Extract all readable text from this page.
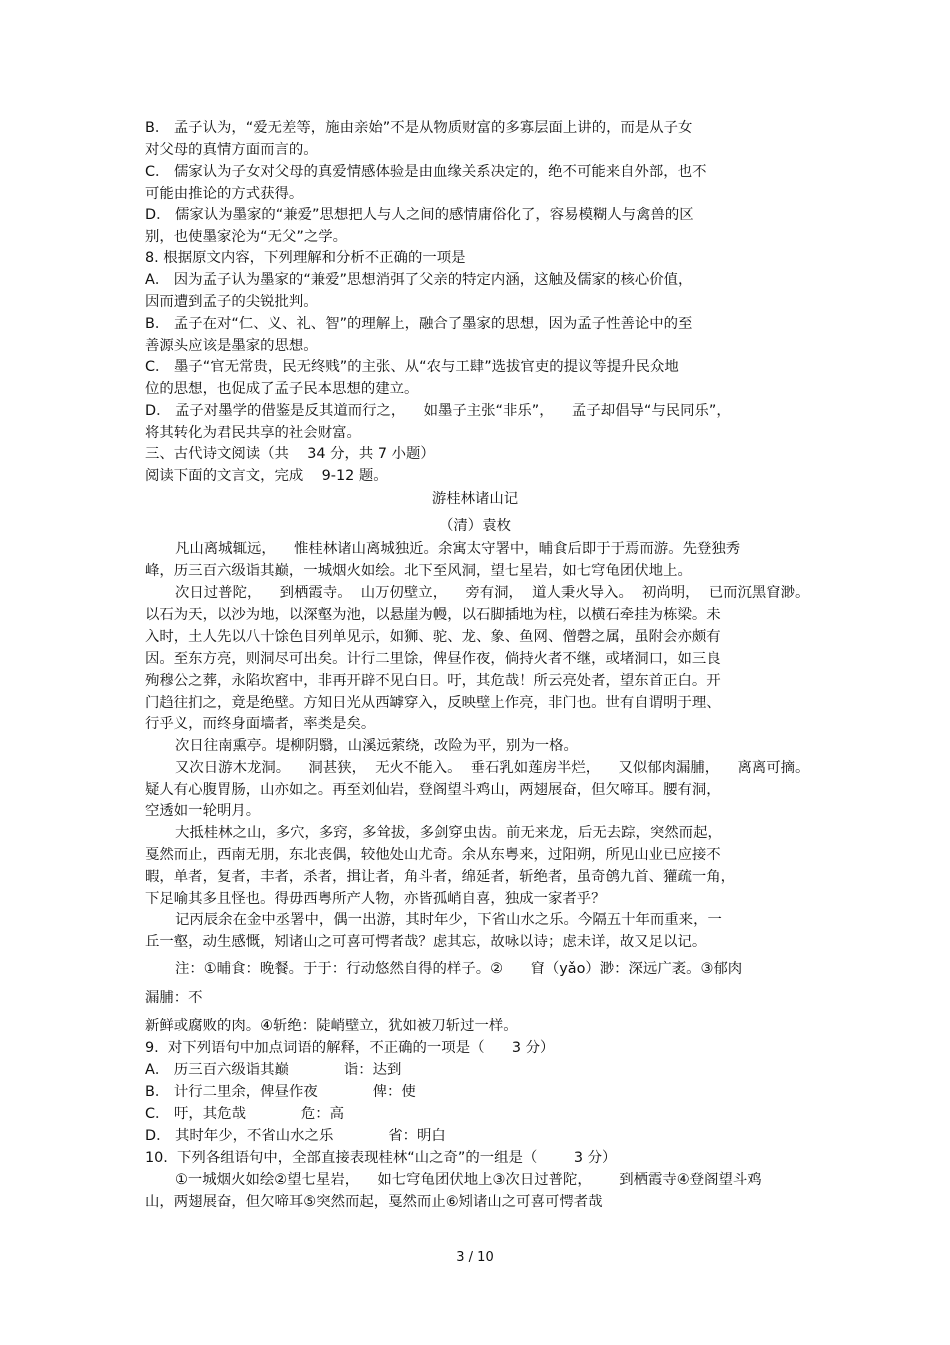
B． 孟子认为，“爱无差等，施由亲始”不是从物质财富的多寡层面上讲的，而是从子女
对父母的真情方面而言的。
C． 儒家认为子女对父母的真爱情感体验是由血缘关系决定的，绝不可能来自外部，也不
可能由推论的方式获得。
D． 儒家认为墨家的“兼爱”思想把人与人之间的感情庸俗化了，容易模糊人与禽兽的区
别，也使墨家沦为“无父”之学。
8. 根据原文内容，下列理解和分析不正确的一项是
A． 因为孟子认为墨家的“兼爱”思想消弭了父亲的特定内涵，这触及儒家的核心价值，
因而遭到孟子的尖锐批判。
B． 孟子在对“仁、义、礼、智”的理解上，融合了墨家的思想，因为孟子性善论中的至
善源头应该是墨家的思想。
C． 墨子“官无常贵，民无终贱”的主张、从“农与工肆”选拔官吏的提议等提升民众地
位的思想，也促成了孟子民本思想的建立。
D． 孟子对墨学的借鉴是反其道而行之，    如墨子主张“非乐”，    孟子却倡导“与民同乐”，
将其转化为君民共享的社会财富。
三、古代诗文阅读（共    34 分，共 7 小题）
阅读下面的文言文，完成    9-12 题。
游桂林诸山记
（清）袁枚
凡山离城辄远，    惟桂林诸山离城独近。余寓太守署中，晡食后即于于焉而游。先登独秀
峰，历三百六级诣其巅，一城烟火如绘。北下至风洞，望七星岩，如七穹龟团伏地上。
次日过普陀，    到栖霞寺。  山万仞壁立，    旁有洞，  道人秉火导入。  初尚明，  已而沉黑窅渺。
以石为天，以沙为地，以深壑为池，以悬崖为幔，以石脚插地为柱，以横石牵挂为栋梁。未
入时，土人先以八十馀色目列单见示，如狮、驼、龙、象、鱼网、僧磬之属，虽附会亦颇有
因。至东方亮，则洞尽可出矣。计行二里馀，俾昼作夜，倘持火者不继，或堵洞口，如三良
殉穆公之葬，永陷坎窞中，非再开辟不见白日。吁，其危哉！所云亮处者，望东首正白。开
门趋往扪之，竟是绝壁。方知日光从西罅穿入，反映壁上作亮，非门也。世有自谓明于理、
行乎义，而终身面墙者，率类是矣。
次日往南熏亭。堤柳阴翳，山溪远萦绕，改险为平，别为一格。
又次日游木龙洞。    洞甚狭，  无火不能入。  垂石乳如莲房半烂，    又似郁肉漏脯，    离离可摘。
疑人有心腹胃肠，山亦如之。再至刘仙岩，登阁望斗鸡山，两翅展奋，但欠啼耳。腰有洞，
空透如一轮明月。
大抵桂林之山，多穴，多窍，多耸拔，多剑穿虫齿。前无来龙，后无去踪，突然而起，
戛然而止，西南无朋，东北丧偶，较他处山尤奇。余从东粤来，过阳朔，所见山业已应接不
暇，单者，复者，丰者，杀者，揖让者，角斗者，绵延者，斩绝者，虽奇鸧九首、獾疏一角，
下足喻其多且怪也。得毋西粤所产人物，亦皆孤峭自喜，独成一家者乎？
记丙辰余在金中丞署中，偶一出游，其时年少，下省山水之乐。今隔五十年而重来，一
丘一壑，动生感慨，矧诸山之可喜可愕者哉？虑其忘，故咏以诗；虑未详，故又足以记。
注：①晡食：晚餐。于于：行动悠然自得的样子。②      窅（yǎo）渺：深远广袤。③郁肉
漏脯：不
新鲜或腐败的肉。④斩绝：陡峭壁立，犹如被刀斩过一样。
9.  对下列语句中加点词语的解释，不正确的一项是（      3 分）
A． 历三百六级诣其巅            诣：达到
B． 计行二里余，俾昼作夜            俾：使
C． 吁，其危哉            危：高
D． 其时年少，不省山水之乐            省：明白
10.  下列各组语句中，全部直接表现桂林“山之奇”的一组是（        3 分）
①一城烟火如绘②望七星岩，    如七穹龟团伏地上③次日过普陀，      到栖霞寺④登阁望斗鸡
山，两翅展奋，但欠啼耳⑤突然而起，戛然而止⑥矧诸山之可喜可愕者哉
3 / 10
